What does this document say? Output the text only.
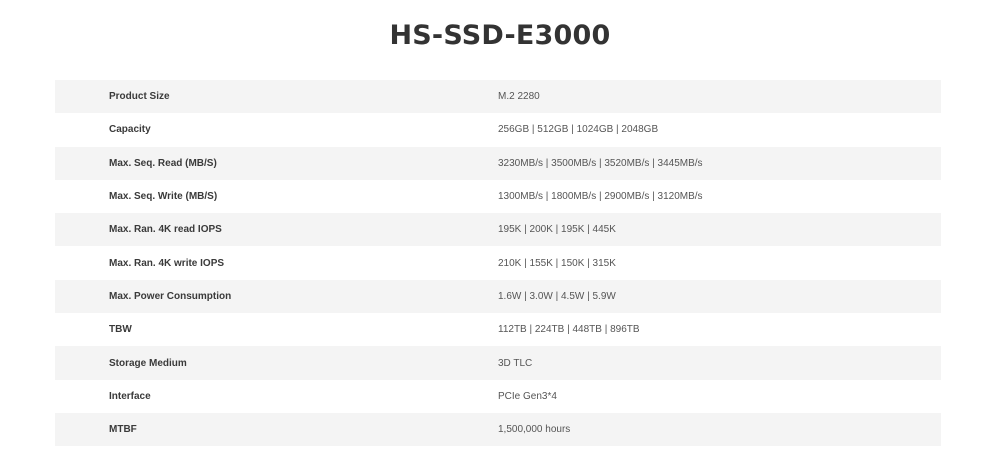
HS-SSD-E3000
Product Size	M.2 2280
Capacity	256GB | 512GB | 1024GB | 2048GB
Max. Seq. Read (MB/S)	3230MB/s | 3500MB/s | 3520MB/s | 3445MB/s
Max. Seq. Write (MB/S)	1300MB/s | 1800MB/s | 2900MB/s | 3120MB/s
Max. Ran. 4K read IOPS	195K | 200K | 195K | 445K
Max. Ran. 4K write IOPS	210K | 155K | 150K | 315K
Max. Power Consumption	1.6W | 3.0W | 4.5W | 5.9W
TBW	112TB | 224TB | 448TB | 896TB
Storage Medium	3D TLC
Interface	PCIe Gen3*4
MTBF	1,500,000 hours
